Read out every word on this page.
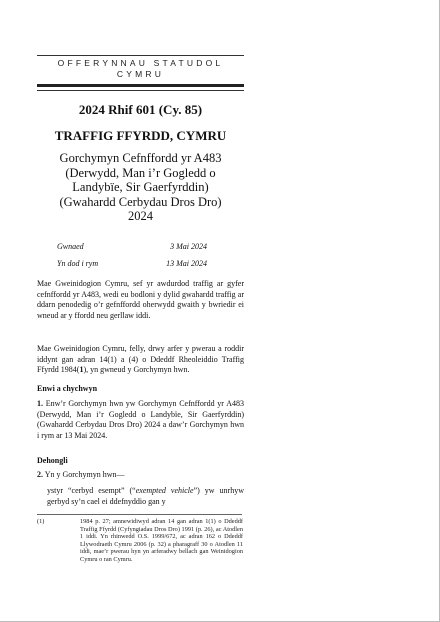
OFFERYNNAU STATUDOL
CYMRU
2024 Rhif 601 (Cy. 85)
TRAFFIG FFYRDD, CYMRU
Gorchymyn Cefnffordd yr A483
(Derwydd, Man i’r Gogledd o
Landybïe, Sir Gaerfyrddin)
(Gwahardd Cerbydau Dros Dro)
2024
Gwnaed	3 Mai 2024
Yn dod i rym	13 Mai 2024
Mae Gweinidogion Cymru, sef yr awdurdod traffig ar gyfer cefnffordd yr A483, wedi eu bodloni y dylid gwahardd traffig ar ddarn penodedig o’r gefnffordd oherwydd gwaith y bwriedir ei wneud ar y ffordd neu gerllaw iddi.
Mae Gweinidogion Cymru, felly, drwy arfer y pwerau a roddir iddynt gan adran 14(1) a (4) o Ddeddf Rheoleiddio Traffig Ffyrdd 1984(1), yn gwneud y Gorchymyn hwn.
Enwi a chychwyn
1. Enw’r Gorchymyn hwn yw Gorchymyn Cefnffordd yr A483 (Derwydd, Man i’r Gogledd o Landybïe, Sir Gaerfyrddin) (Gwahardd Cerbydau Dros Dro) 2024 a daw’r Gorchymyn hwn i rym ar 13 Mai 2024.
Dehongli
2. Yn y Gorchymyn hwn—
ystyr “cerbyd esempt” (“exempted vehicle”) yw unrhyw gerbyd sy’n cael ei ddefnyddio gan y
(1)	1984 p. 27; amnewidiwyd adran 14 gan adran 1(1) o Ddeddf Traffig Ffyrdd (Cyfyngiadau Dros Dro) 1991 (p. 26), ac Atodlen 1 iddi. Yn rhinwedd O.S. 1999/672, ac adran 162 o Ddeddf Llywodraeth Cymru 2006 (p. 32) a pharagraff 30 o Atodlen 11 iddi, mae’r pwerau hyn yn arferadwy bellach gan Weinidogion Cymru o ran Cymru.
